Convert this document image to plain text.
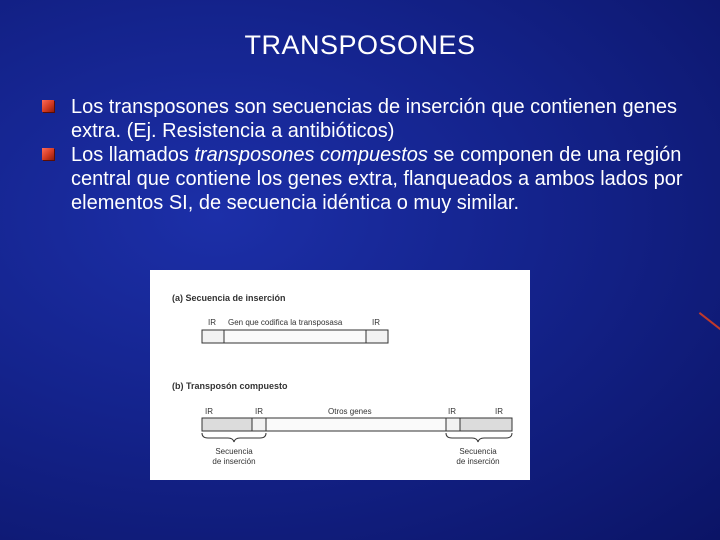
TRANSPOSONES
Los transposones son secuencias de inserción que contienen genes extra. (Ej. Resistencia a antibióticos)
Los llamados transposones compuestos se componen de una región central que contiene los genes extra, flanqueados a ambos lados por elementos SI, de secuencia idéntica o muy similar.
(a) Secuencia de inserción
IR Gen que codifica la transposasa	IR
(b) Transposón compuesto
IR	IR	Otros genes	IR	IR
Secuencia
de inserción
Secuencia
de inserción
